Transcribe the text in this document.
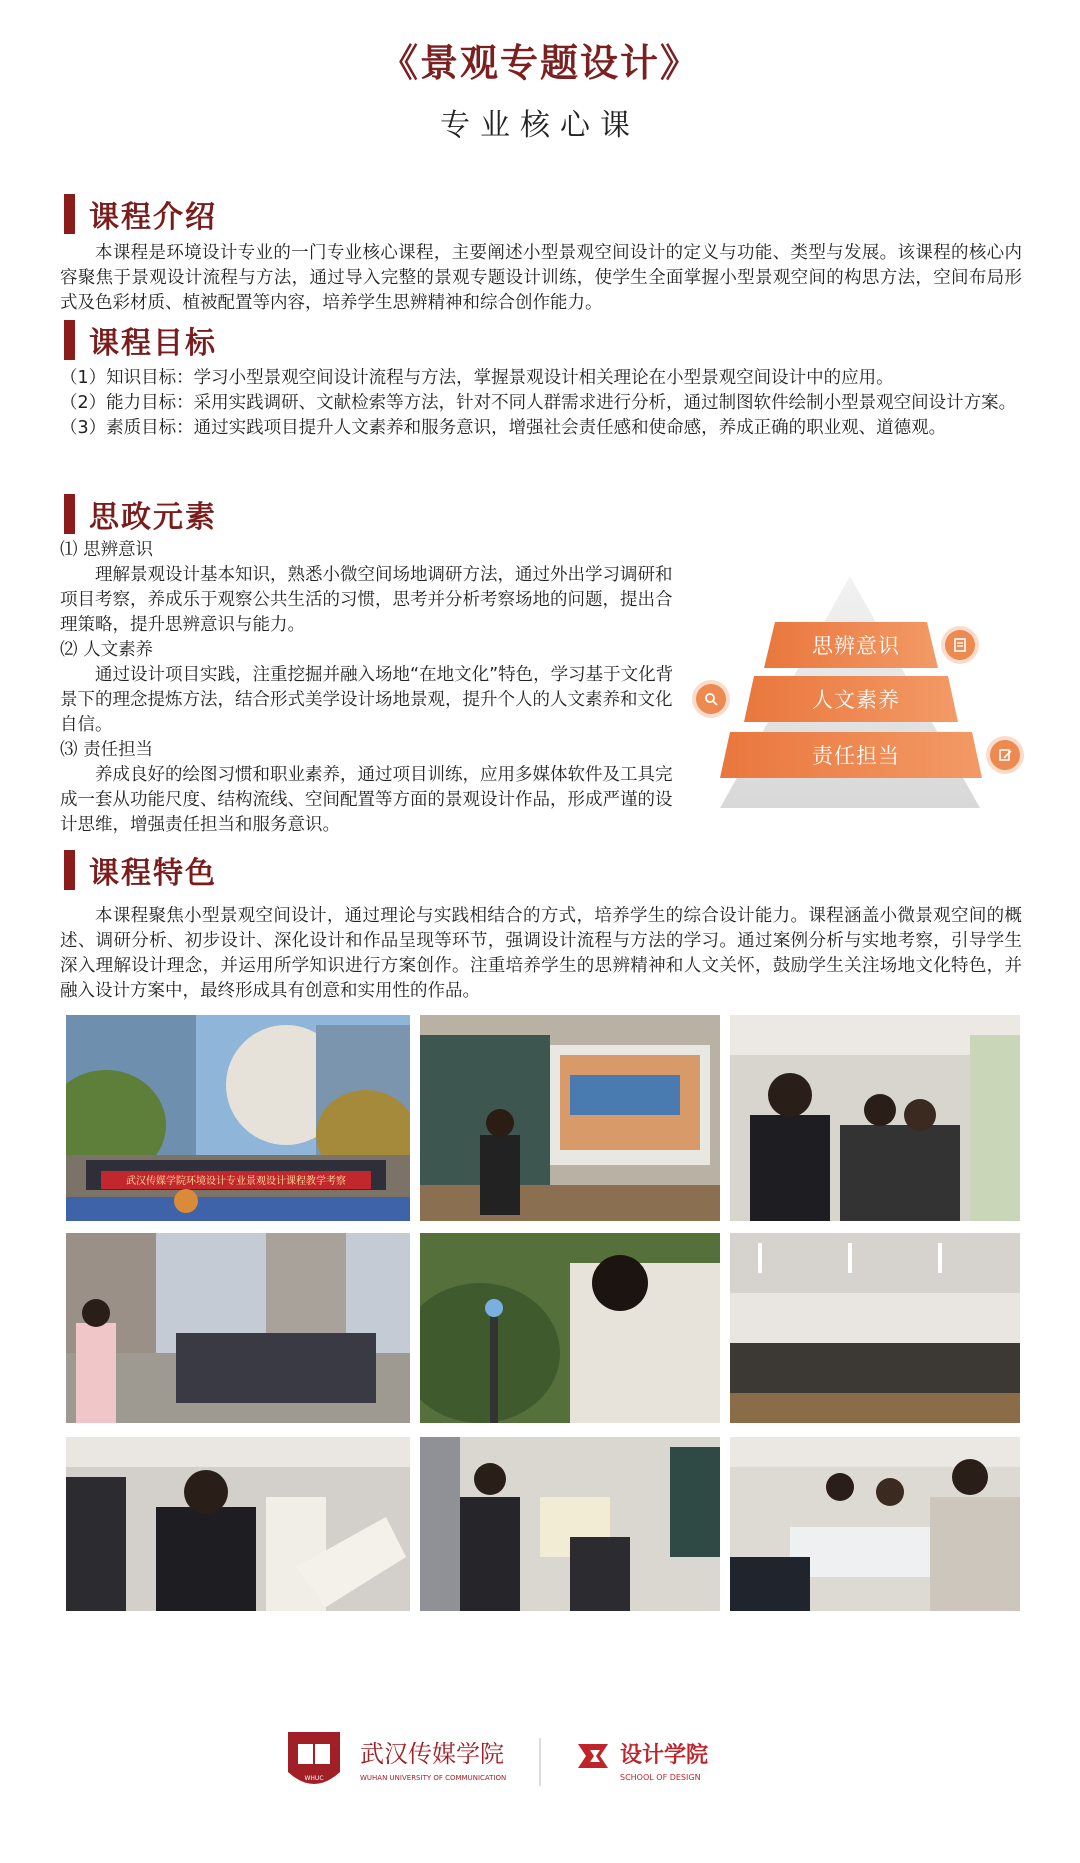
《景观专题设计》
专业核心课
课程介绍

本课程是环境设计专业的一门专业核心课程，主要阐述小型景观空间设计的定义与功能、类型与发展。该课程的核心内容聚焦于景观设计流程与方法，通过导入完整的景观专题设计训练，使学生全面掌握小型景观空间的构思方法，空间布局形式及色彩材质、植被配置等内容，培养学生思辨精神和综合创作能力。

课程目标

（1）知识目标：学习小型景观空间设计流程与方法，掌握景观设计相关理论在小型景观空间设计中的应用。

（2）能力目标：采用实践调研、文献检索等方法，针对不同人群需求进行分析，通过制图软件绘制小型景观空间设计方案。

（3）素质目标：通过实践项目提升人文素养和服务意识，增强社会责任感和使命感，养成正确的职业观、道德观。

思政元素

⑴ 思辨意识

理解景观设计基本知识，熟悉小微空间场地调研方法，通过外出学习调研和项目考察，养成乐于观察公共生活的习惯，思考并分析考察场地的问题，提出合理策略，提升思辨意识与能力。

⑵ 人文素养

通过设计项目实践，注重挖掘并融入场地“在地文化”特色，学习基于文化背景下的理念提炼方法，结合形式美学设计场地景观，提升个人的人文素养和文化自信。

⑶ 责任担当

养成良好的绘图习惯和职业素养，通过项目训练，应用多媒体软件及工具完成一套从功能尺度、结构流线、空间配置等方面的景观设计作品，形成严谨的设计思维，增强责任担当和服务意识。

思辨意识
人文素养
责任担当
课程特色

本课程聚焦小型景观空间设计，通过理论与实践相结合的方式，培养学生的综合设计能力。课程涵盖小微景观空间的概述、调研分析、初步设计、深化设计和作品呈现等环节，强调设计流程与方法的学习。通过案例分析与实地考察，引导学生深入理解设计理念，并运用所学知识进行方案创作。注重培养学生的思辨精神和人文关怀，鼓励学生关注场地文化特色，并融入设计方案中，最终形成具有创意和实用性的作品。

武汉传媒学院环境设计专业景观设计课程教学考察
WHUC
武汉传媒学院
WUHAN UNIVERSITY OF COMMUNICATION
设计学院
SCHOOL OF DESIGN
